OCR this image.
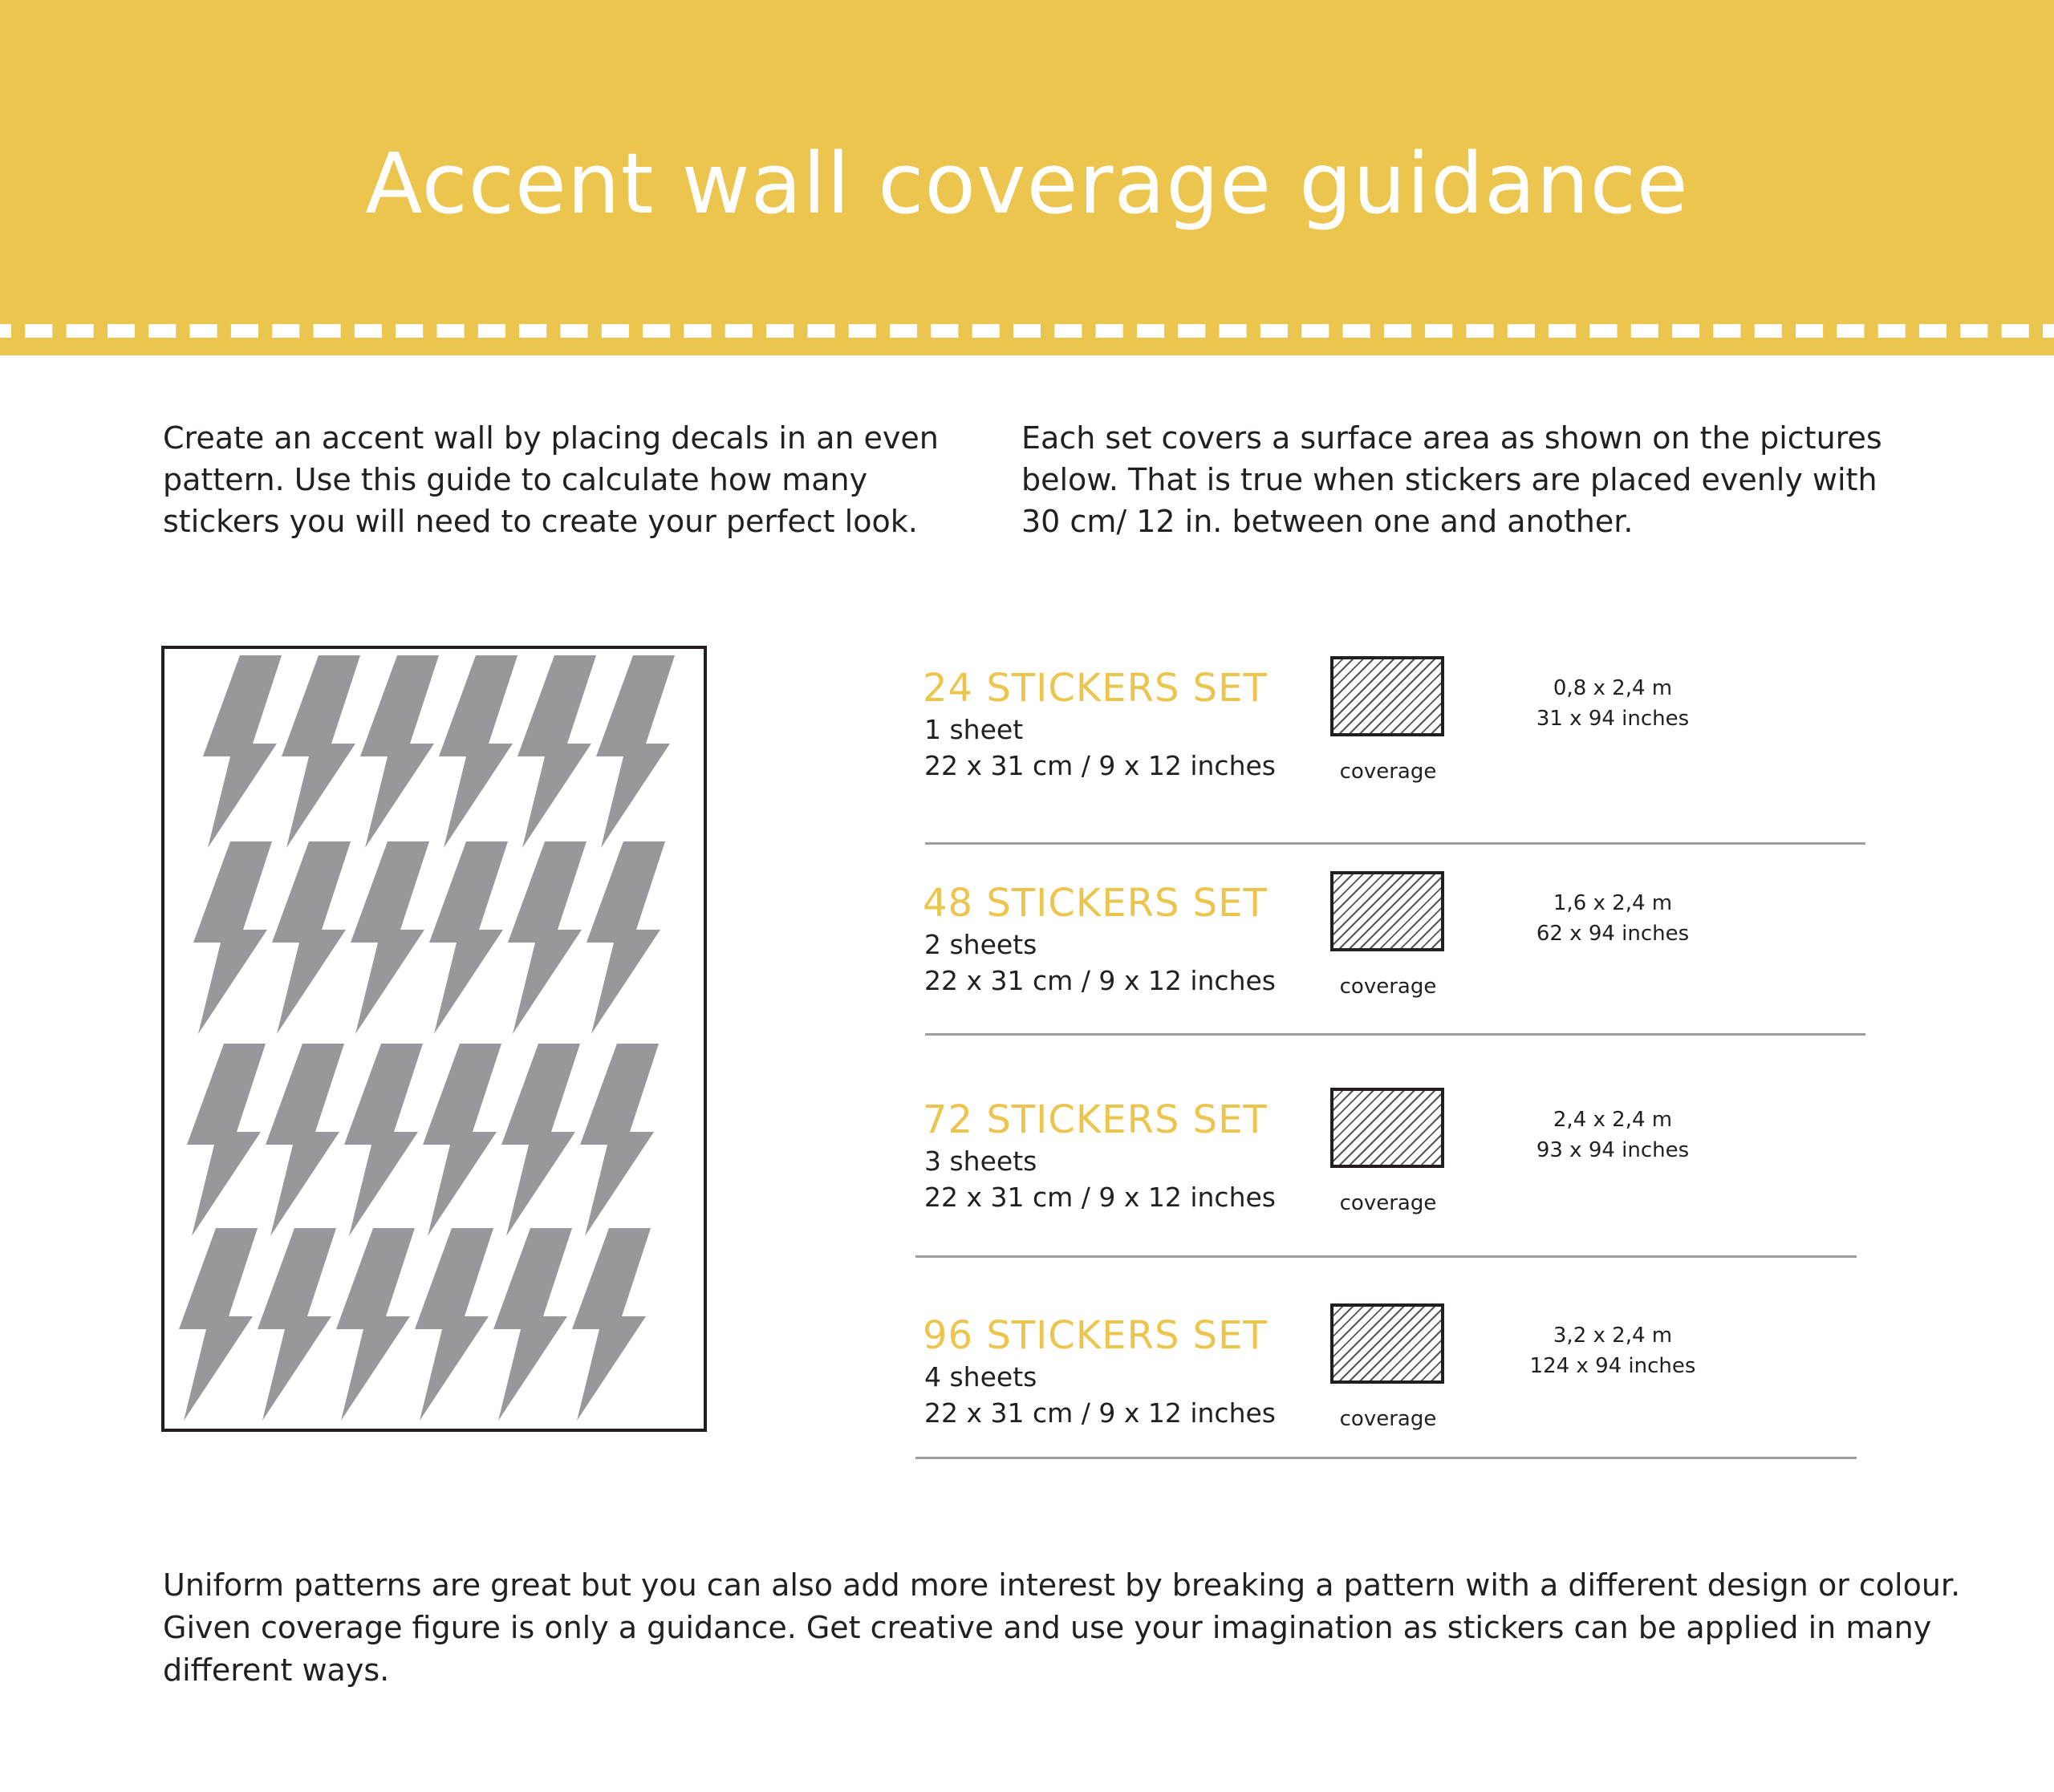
Accent wall coverage guidance

Create an accent wall by placing decals in an even pattern. Use this guide to calculate how many stickers you will need to create your perfect look.

Each set covers a surface area as shown on the pictures below. That is true when stickers are placed evenly with 30 cm/ 12 in. between one and another.

24 STICKERS SET

1 sheet

22 x 31 cm / 9 x 12 inches	coverage
0,8 x 2,4 m
31 x 94 inches
48 STICKERS SET

2 sheets

22 x 31 cm / 9 x 12 inches	coverage
1,6 x 2,4 m
62 x 94 inches
72 STICKERS SET

3 sheets

22 x 31 cm / 9 x 12 inches	coverage
2,4 x 2,4 m
93 x 94 inches
96 STICKERS SET

4 sheets

22 x 31 cm / 9 x 12 inches	coverage
3,2 x 2,4 m
124 x 94 inches
Uniform patterns are great but you can also add more interest by breaking a pattern with a different design or colour.
Given coverage figure is only a guidance. Get creative and use your imagination as stickers can be applied in many different ways.
